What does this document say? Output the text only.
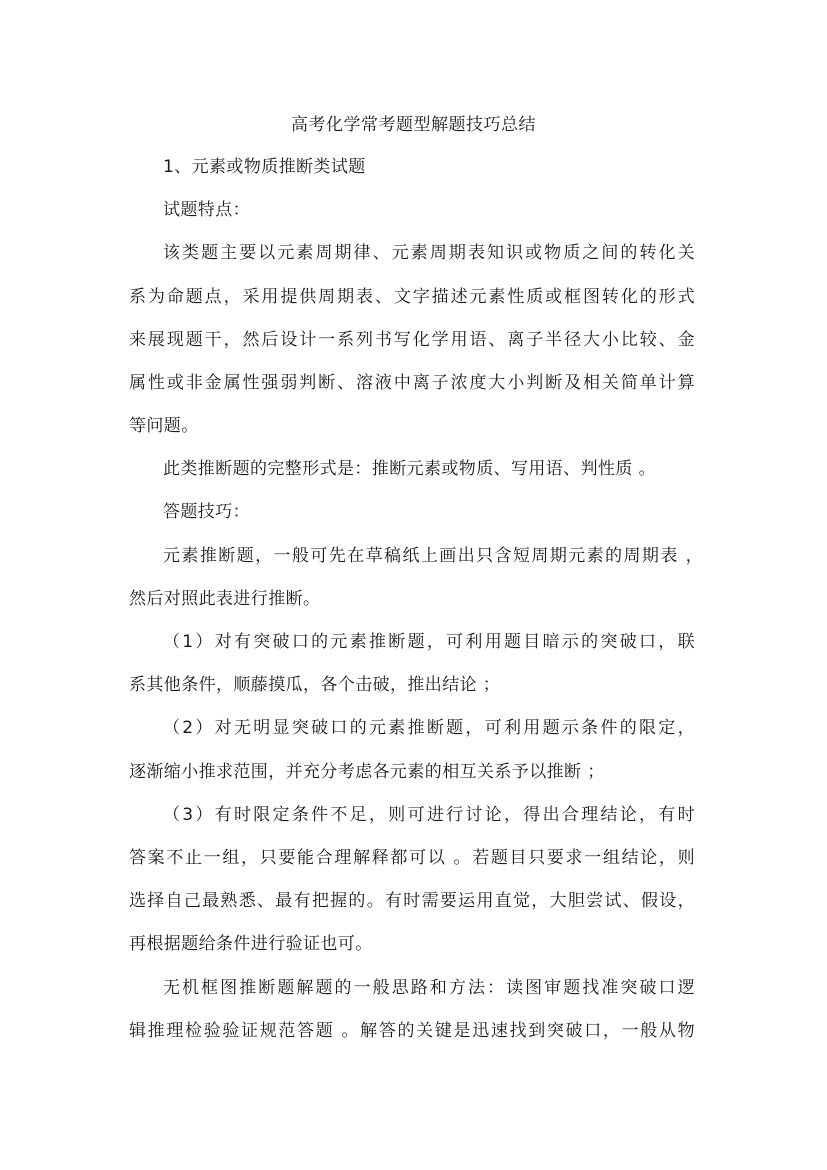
高考化学常考题型解题技巧总结
1、元素或物质推断类试题
试题特点：
该类题主要以元素周期律、元素周期表知识或物质之间的转化关
系为命题点，采用提供周期表、文字描述元素性质或框图转化的形式
来展现题干，然后设计一系列书写化学用语、离子半径大小比较、金
属性或非金属性强弱判断、溶液中离子浓度大小判断及相关简单计算
等问题。
此类推断题的完整形式是：推断元素或物质、写用语、判性质 。
答题技巧：
元素推断题，一般可先在草稿纸上画出只含短周期元素的周期表 ，
然后对照此表进行推断。
（1）对有突破口的元素推断题，可利用题目暗示的突破口，联
系其他条件，顺藤摸瓜，各个击破，推出结论 ；
（2）对无明显突破口的元素推断题，可利用题示条件的限定，
逐渐缩小推求范围，并充分考虑各元素的相互关系予以推断 ；
（3）有时限定条件不足，则可进行讨论，得出合理结论，有时
答案不止一组，只要能合理解释都可以 。若题目只要求一组结论，则
选择自己最熟悉、最有把握的。有时需要运用直觉，大胆尝试、假设，
再根据题给条件进行验证也可。
无机框图推断题解题的一般思路和方法：读图审题找准突破口逻
辑推理检验验证规范答题 。解答的关键是迅速找到突破口，一般从物
